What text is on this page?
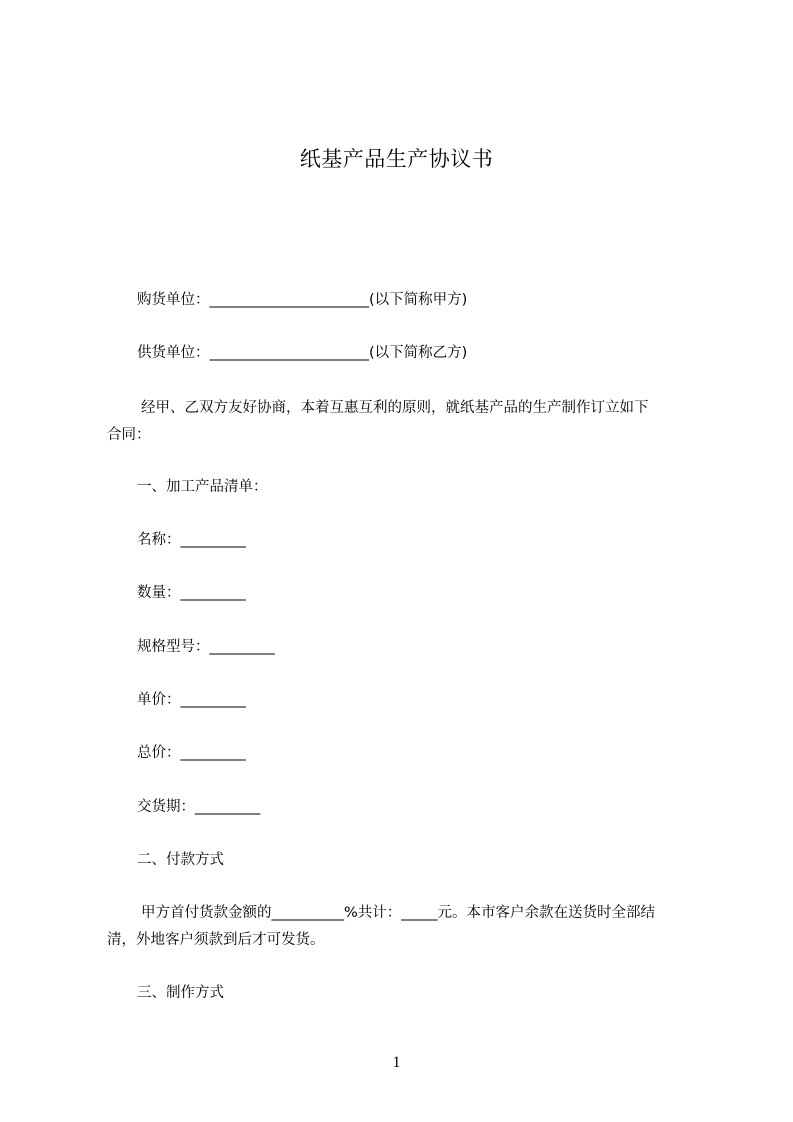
纸基产品生产协议书
购货单位：______________________(以下简称甲方)
供货单位：______________________(以下简称乙方)
经甲、乙双方友好协商，本着互惠互利的原则，就纸基产品的生产制作订立如下
合同：
一、加工产品清单：
名称：_________
数量：_________
规格型号：_________
单价：_________
总价：_________
交货期：_________
二、付款方式
甲方首付货款金额的__________%共计：_____元。本市客户余款在送货时全部结
清，外地客户须款到后才可发货。
三、制作方式
1
